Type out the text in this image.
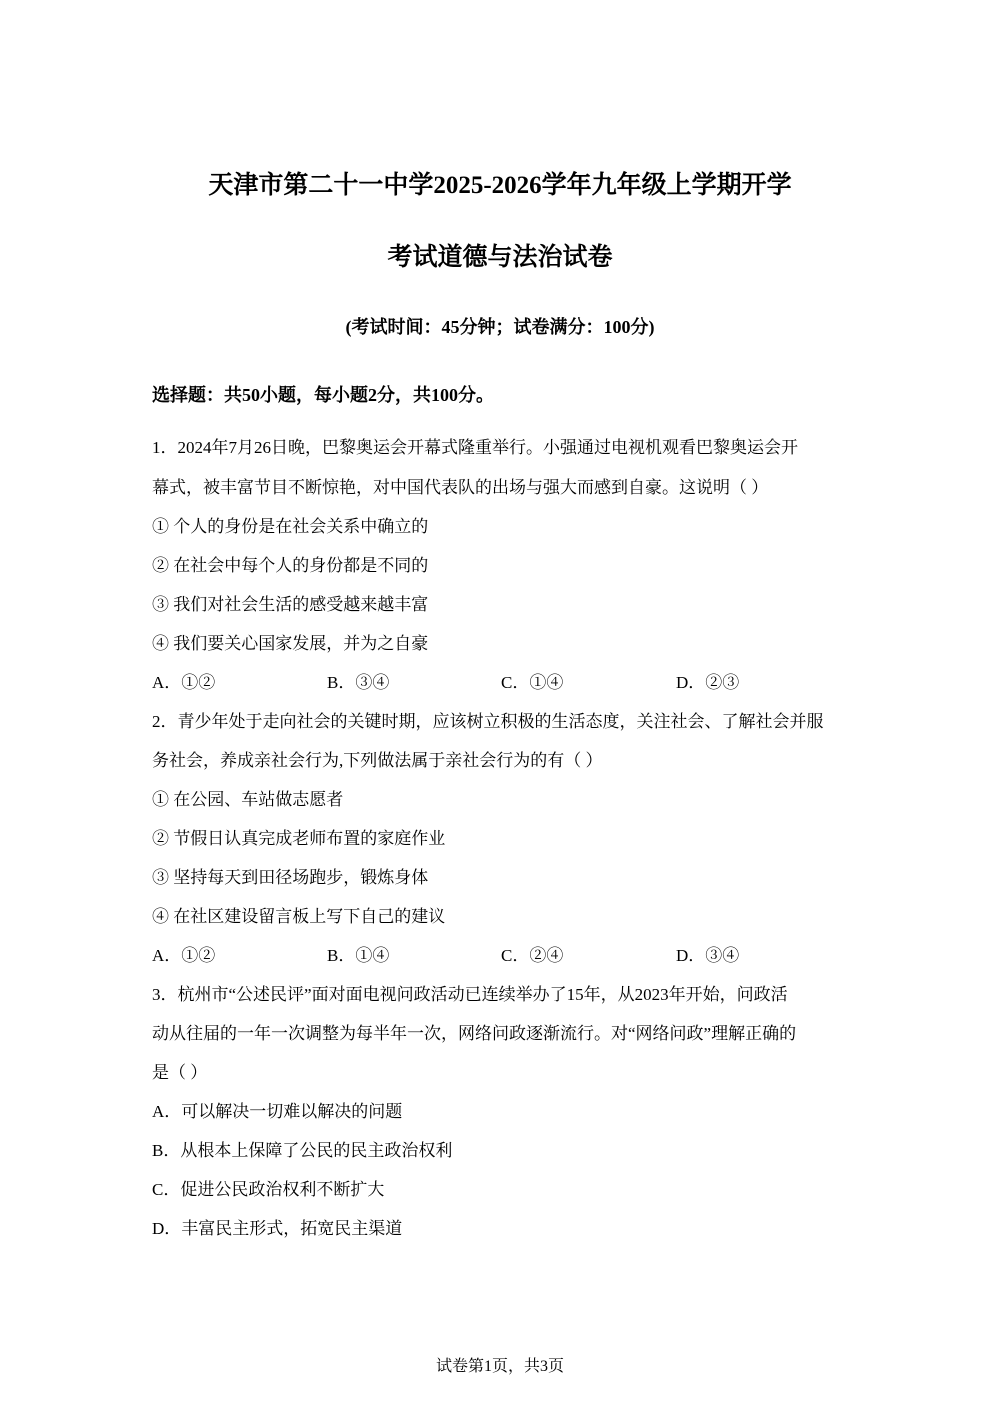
天津市第二十一中学2025-2026学年九年级上学期开学
考试道德与法治试卷
(考试时间：45分钟；试卷满分：100分)
选择题：共50小题，每小题2分，共100分。
1．2024年7月26日晚，巴黎奥运会开幕式隆重举行。小强通过电视机观看巴黎奥运会开
幕式，被丰富节目不断惊艳，对中国代表队的出场与强大而感到自豪。这说明（ ）
① 个人的身份是在社会关系中确立的
② 在社会中每个人的身份都是不同的
③ 我们对社会生活的感受越来越丰富
④ 我们要关心国家发展，并为之自豪
A．①②	B．③④	C．①④	D．②③
2．青少年处于走向社会的关键时期，应该树立积极的生活态度，关注社会、了解社会并服
务社会，养成亲社会行为,下列做法属于亲社会行为的有（ ）
① 在公园、车站做志愿者
② 节假日认真完成老师布置的家庭作业
③ 坚持每天到田径场跑步，锻炼身体
④ 在社区建设留言板上写下自己的建议
A．①②	B．①④	C．②④	D．③④
3．杭州市“公述民评”面对面电视问政活动已连续举办了15年，从2023年开始，问政活
动从往届的一年一次调整为每半年一次，网络问政逐渐流行。对“网络问政”理解正确的
是（ ）
A．可以解决一切难以解决的问题
B．从根本上保障了公民的民主政治权利
C．促进公民政治权利不断扩大
D．丰富民主形式，拓宽民主渠道
试卷第1页，共3页
